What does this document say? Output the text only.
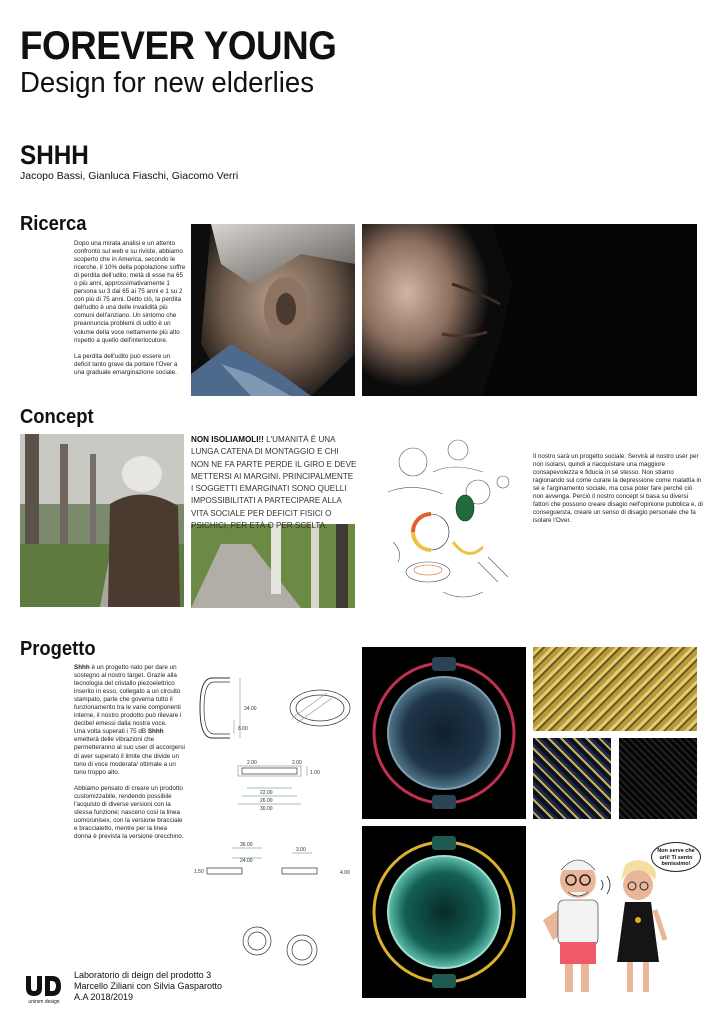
FOREVER YOUNG
Design for new elderlies
SHHH
Jacopo Bassi, Gianluca Fiaschi, Giacomo Verri
Ricerca

Dopo una mirata analisi e un attento confronto sul web e su riviste, abbiamo scoperto che in America, secondo le ricerche, il 10% della popolazione soffre di perdita dell'udito; metà di esse ha 65 o più anni, approssimativamente 1 persona su 3 dai 65 ai 75 anni e 1 su 2 con più di 75 anni. Detto ciò, la perdita dell'udito è una delle invalidità più comuni dell'anziano. Un sintomo che preannuncia problemi di udito è un volume della voce nettamente più alto rispetto a quello dell'interlocutore.

La perdita dell'udito può essere un deficit tanto grave da portare l'Over a una graduale emarginazione sociale.

Concept
NON ISOLIAMOLI!! L'UMANITÀ È UNA LUNGA CATENA DI MONTAGGIO E CHI NON NE FA PARTE PERDE IL GIRO E DEVE METTERSI AI MARGINI. PRINCIPALMENTE I SOGGETTI EMARGINATI SONO QUELLI IMPOSSIBILITATI A PARTECIPARE ALLA VITA SOCIALE PER DEFICIT FISICI O PSICHICI, PER ETÀ O PER SCELTA.
Il nostro sarà un progetto sociale. Servirà al nostro user per non isolarsi, quindi a riacquistare una maggiore consapevolezza e fiducia in sé stesso. Non stiamo ragionando sul come curare la depressione come malattia in sé e l'arginamento sociale, ma cosa poter fare perché ciò non avvenga. Perciò il nostro concept si basa su diversi fattori che possono creare disagio nell'opinione pubblica e, di conseguenza, creare un senso di disagio personale che fa isolare l'Over.
Progetto

Shhh è un progetto nato per dare un sostegno al nostro target. Grazie alla tecnologia del cristallo piezoelettrico inserito in esso, collegato a un circuito stampato, parte che governa tutto il funzionamento tra le varie componenti interne, il nostro prodotto può rilevare i decibel emessi dalla nostra voce.

Una volta superati i 75 dB Shhh emetterà delle vibrazioni che permetteranno al suo user di accorgersi di aver superato il limite che divide un tono di voce moderata/ ottimale a un tono troppo alto.

Abbiamo pensato di creare un prodotto customizzabile, rendendo possibile l'acquisto di diverse versioni con la stessa funzione; nasceno così la linea uomo/unisex, con la versione bracciale e braccialetto, mentre per la linea donna è prevista la versione orecchino.

34.00
8.00
2.00	2.00
1.00
22.00
26.00
30.00
36.00
3.00
24.00
1.50	4.00
Non serve che urli! Ti sento benissimo!
unirsm design
Laboratorio di deign del prodotto 3
Marcello Ziliani con Silvia Gasparotto
A.A 2018/2019
